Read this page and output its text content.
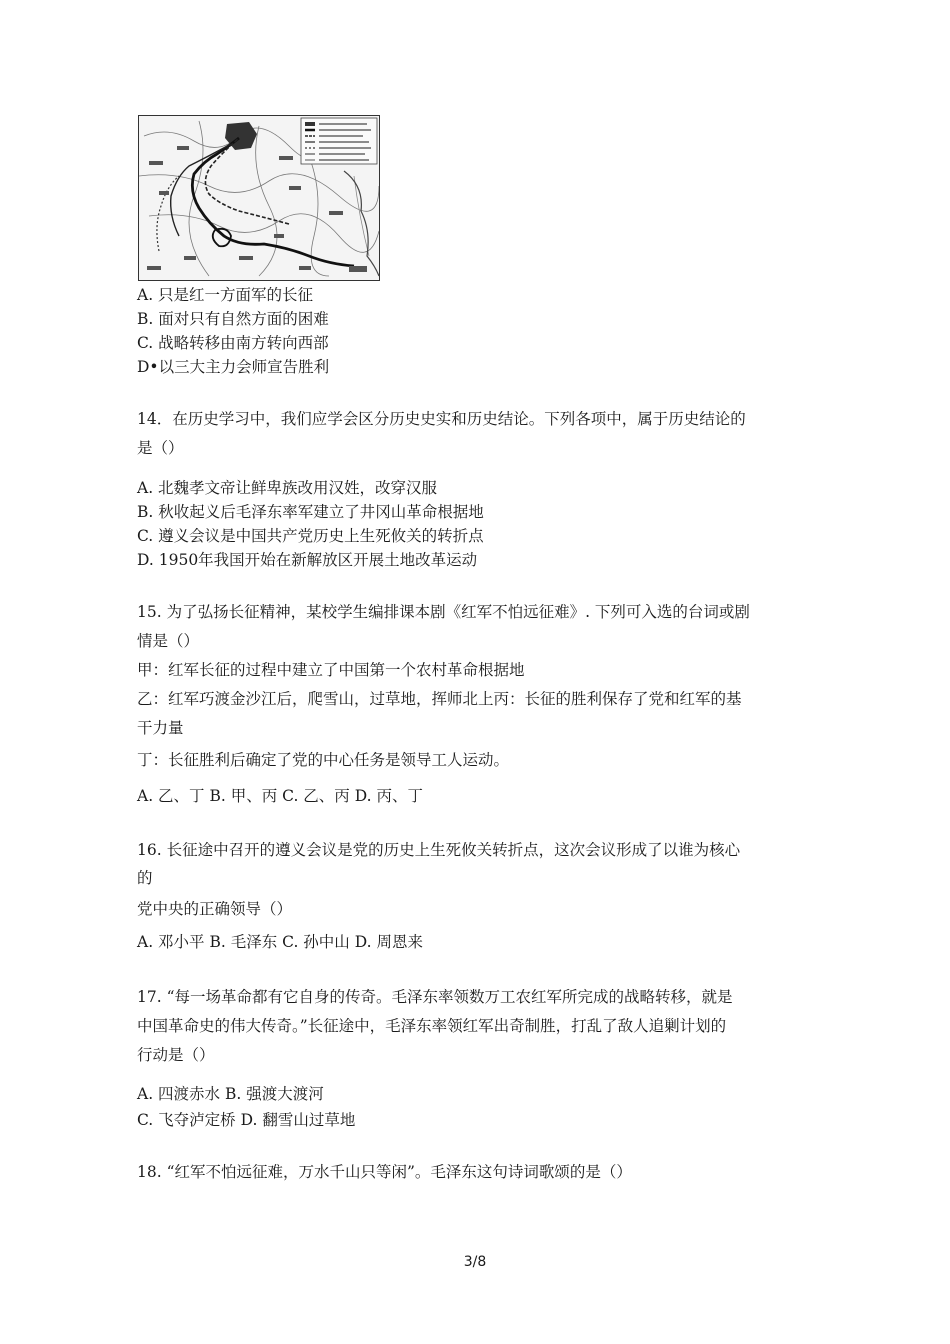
A. 只是红一方面军的长征
B. 面对只有自然方面的困难
C. 战略转移由南方转向西部
D•以三大主力会师宣告胜利
14．在历史学习中，我们应学会区分历史史实和历史结论。下列各项中，属于历史结论的
是（）
A. 北魏孝文帝让鲜卑族改用汉姓，改穿汉服
B. 秋收起义后毛泽东率军建立了井冈山革命根据地
C. 遵义会议是中国共产党历史上生死攸关的转折点
D. 1950年我国开始在新解放区开展土地改革运动
15. 为了弘扬长征精神，某校学生编排课本剧《红军不怕远征难》. 下列可入选的台词或剧
情是（）
甲：红军长征的过程中建立了中国第一个农村革命根据地
乙：红军巧渡金沙江后，爬雪山，过草地，挥师北上丙：长征的胜利保存了党和红军的基
干力量
丁：长征胜利后确定了党的中心任务是领导工人运动。
A. 乙、丁 B. 甲、丙 C. 乙、丙 D. 丙、丁
16. 长征途中召开的遵义会议是党的历史上生死攸关转折点，这次会议形成了以谁为核心
的
党中央的正确领导（）
A. 邓小平 B. 毛泽东 C. 孙中山 D. 周恩来
17. “每一场革命都有它自身的传奇。毛泽东率领数万工农红军所完成的战略转移，就是
中国革命史的伟大传奇。”长征途中，毛泽东率领红军出奇制胜，打乱了敌人追剿计划的
行动是（）
A. 四渡赤水 B. 强渡大渡河
C. 飞夺泸定桥 D. 翻雪山过草地
18. “红军不怕远征难，万水千山只等闲”。毛泽东这句诗词歌颂的是（）
3/8
